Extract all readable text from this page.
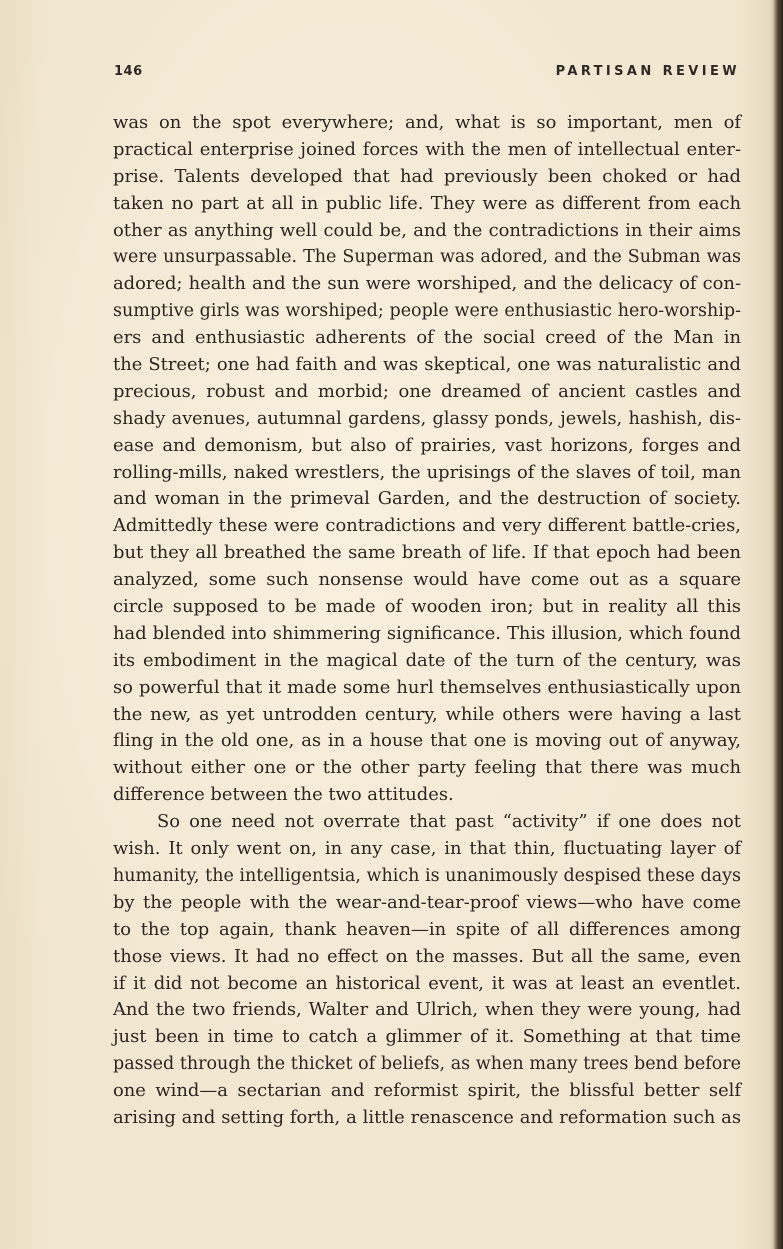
146	PARTISAN REVIEW

was on the spot everywhere; and, what is so important, men of
practical enterprise joined forces with the men of intellectual enter-
prise. Talents developed that had previously been choked or had
taken no part at all in public life. They were as different from each
other as anything well could be, and the contradictions in their aims
were unsurpassable. The Superman was adored, and the Subman was
adored; health and the sun were worshiped, and the delicacy of con-
sumptive girls was worshiped; people were enthusiastic hero-worship-
ers and enthusiastic adherents of the social creed of the Man in
the Street; one had faith and was skeptical, one was naturalistic and
precious, robust and morbid; one dreamed of ancient castles and
shady avenues, autumnal gardens, glassy ponds, jewels, hashish, dis-
ease and demonism, but also of prairies, vast horizons, forges and
rolling-mills, naked wrestlers, the uprisings of the slaves of toil, man
and woman in the primeval Garden, and the destruction of society.
Admittedly these were contradictions and very different battle-cries,
but they all breathed the same breath of life. If that epoch had been
analyzed, some such nonsense would have come out as a square
circle supposed to be made of wooden iron; but in reality all this
had blended into shimmering significance. This illusion, which found
its embodiment in the magical date of the turn of the century, was
so powerful that it made some hurl themselves enthusiastically upon
the new, as yet untrodden century, while others were having a last
fling in the old one, as in a house that one is moving out of anyway,
without either one or the other party feeling that there was much
difference between the two attitudes.

So one need not overrate that past “activity” if one does not
wish. It only went on, in any case, in that thin, fluctuating layer of
humanity, the intelligentsia, which is unanimously despised these days
by the people with the wear-and-tear-proof views—who have come
to the top again, thank heaven—in spite of all differences among
those views. It had no effect on the masses. But all the same, even
if it did not become an historical event, it was at least an eventlet.
And the two friends, Walter and Ulrich, when they were young, had
just been in time to catch a glimmer of it. Something at that time
passed through the thicket of beliefs, as when many trees bend before
one wind—a sectarian and reformist spirit, the blissful better self
arising and setting forth, a little renascence and reformation such as
